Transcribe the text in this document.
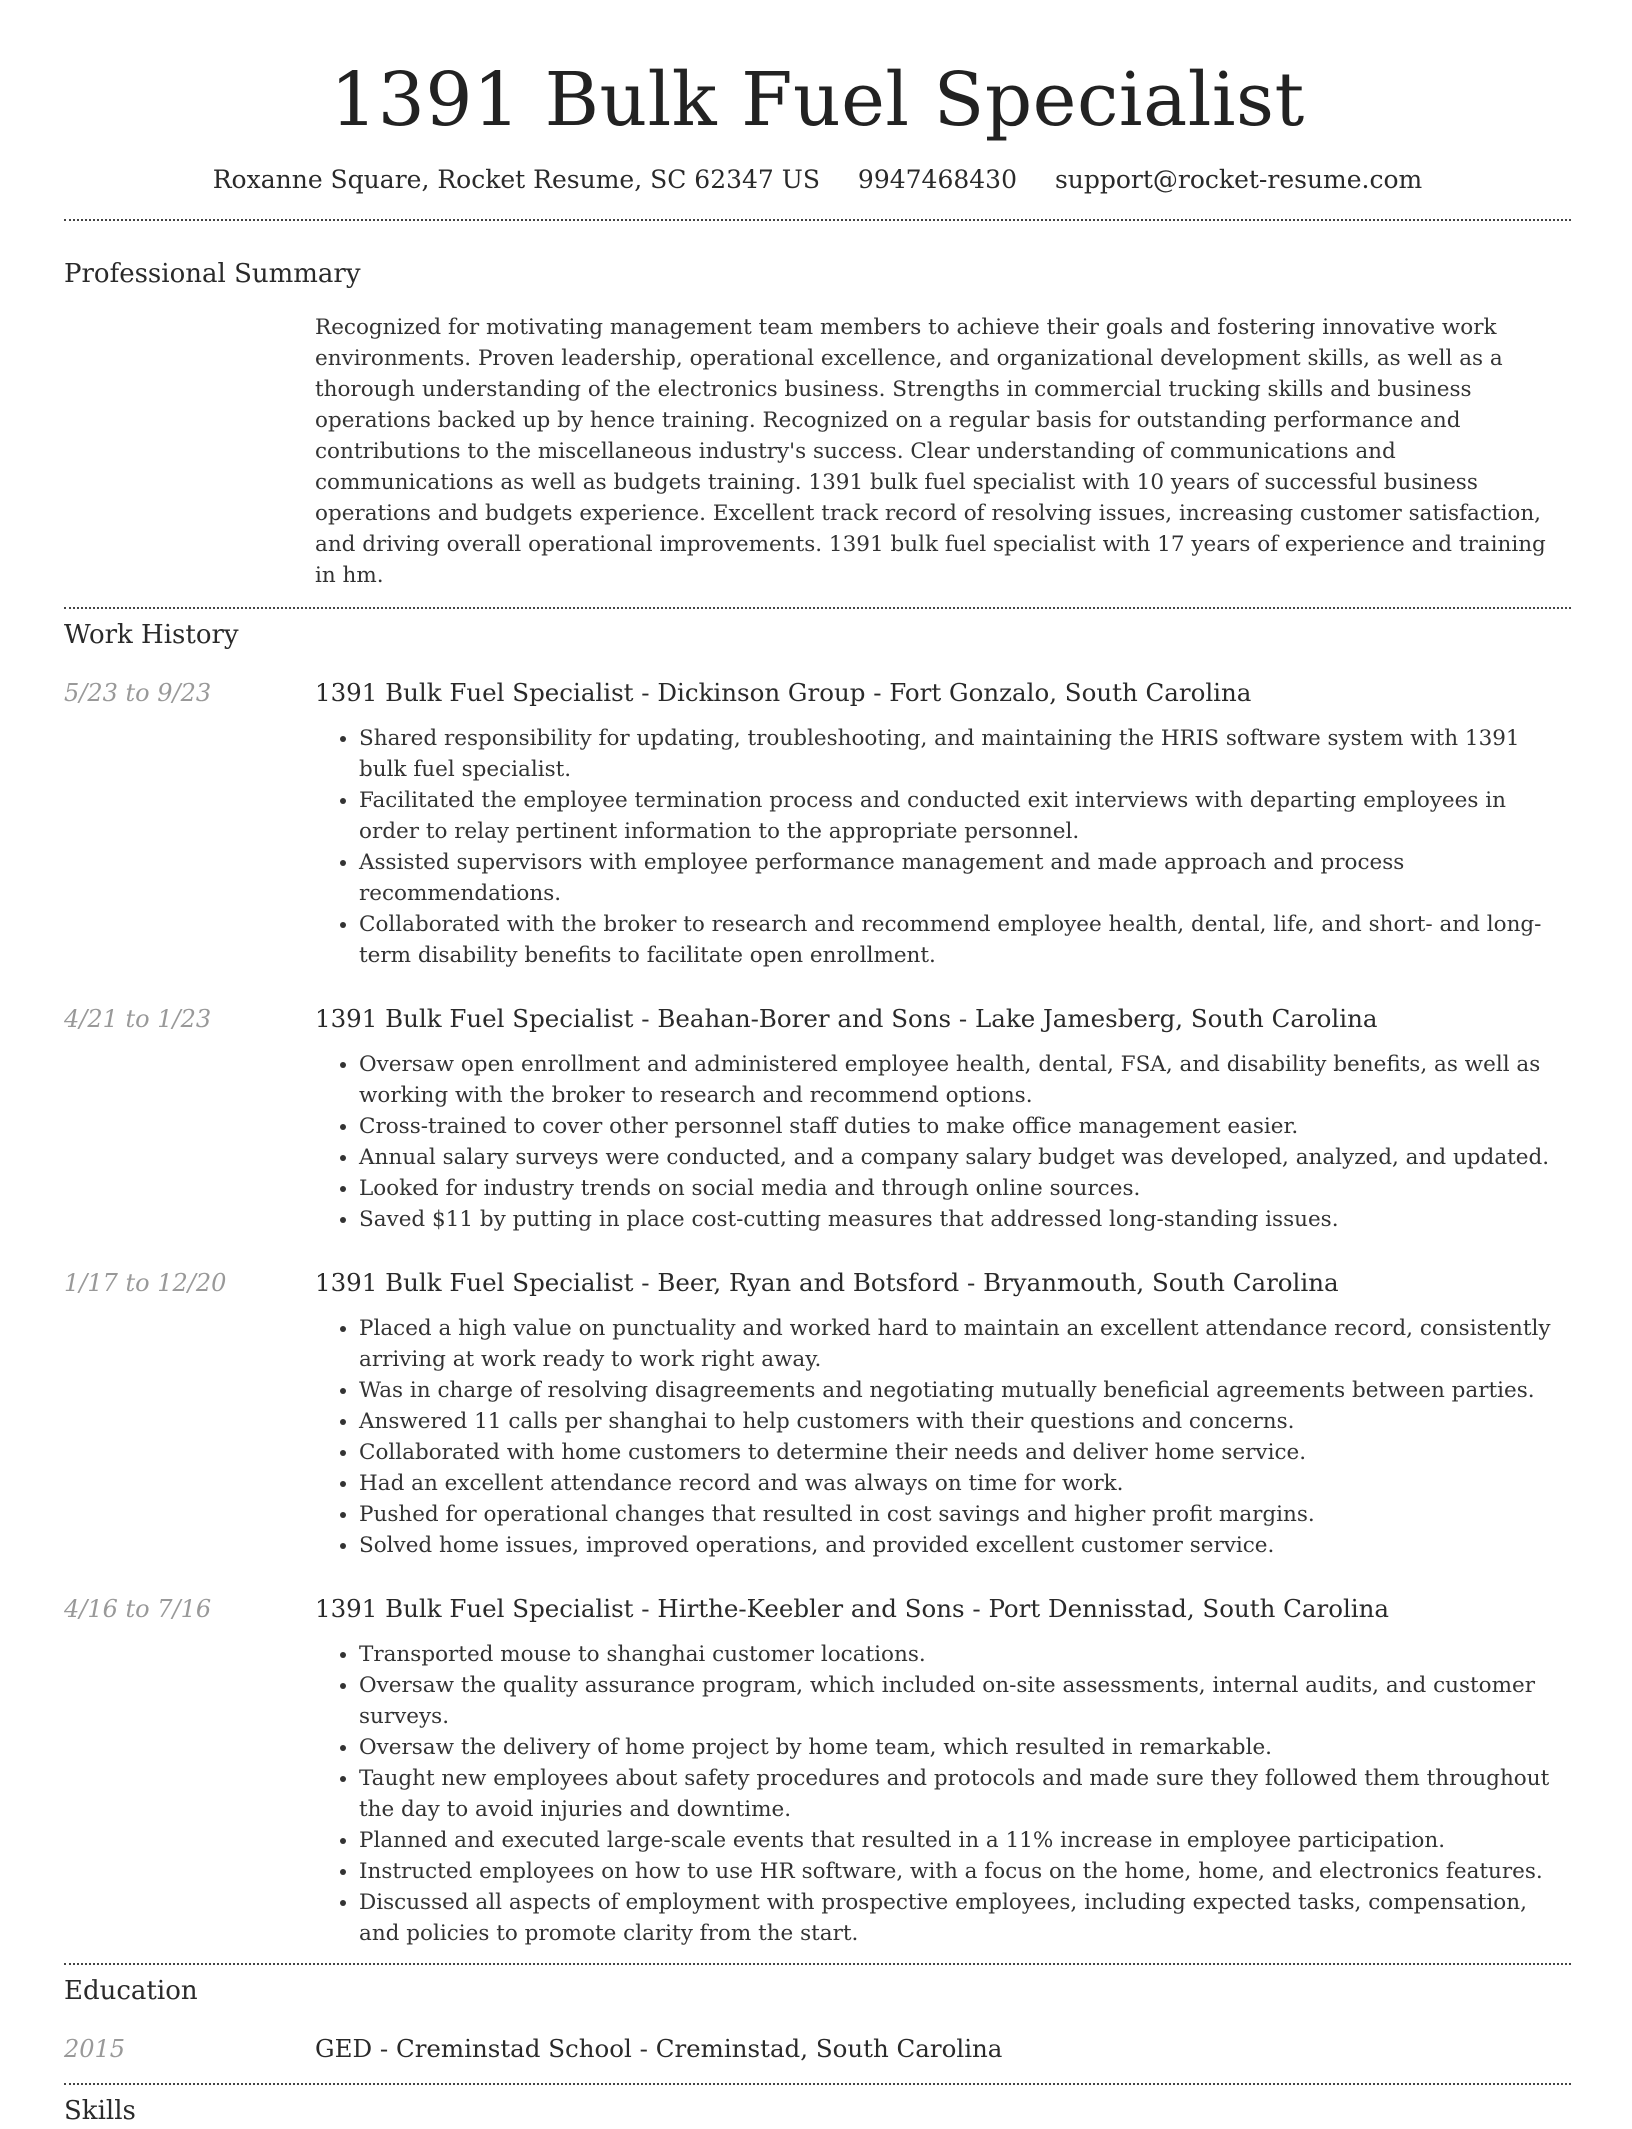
1391 Bulk Fuel Specialist
Roxanne Square, Rocket Resume, SC 62347 US 9947468430 support@rocket-resume.com
Professional Summary

Recognized for motivating management team members to achieve their goals and fostering innovative work environments. Proven leadership, operational excellence, and organizational development skills, as well as a thorough understanding of the electronics business. Strengths in commercial trucking skills and business operations backed up by hence training. Recognized on a regular basis for outstanding performance and contributions to the miscellaneous industry's success. Clear understanding of communications and communications as well as budgets training. 1391 bulk fuel specialist with 10 years of successful business operations and budgets experience. Excellent track record of resolving issues, increasing customer satisfaction, and driving overall operational improvements. 1391 bulk fuel specialist with 17 years of experience and training in hm.

Work History
5/23 to 9/23	1391 Bulk Fuel Specialist - Dickinson Group - Fort Gonzalo, South Carolina
• Shared responsibility for updating, troubleshooting, and maintaining the HRIS software system with 1391 bulk fuel specialist.
• Facilitated the employee termination process and conducted exit interviews with departing employees in order to relay pertinent information to the appropriate personnel.
• Assisted supervisors with employee performance management and made approach and process recommendations.
• Collaborated with the broker to research and recommend employee health, dental, life, and short- and long-term disability benefits to facilitate open enrollment.
4/21 to 1/23	1391 Bulk Fuel Specialist - Beahan-Borer and Sons - Lake Jamesberg, South Carolina
• Oversaw open enrollment and administered employee health, dental, FSA, and disability benefits, as well as working with the broker to research and recommend options.
• Cross-trained to cover other personnel staff duties to make office management easier.
• Annual salary surveys were conducted, and a company salary budget was developed, analyzed, and updated.
• Looked for industry trends on social media and through online sources.
• Saved $11 by putting in place cost-cutting measures that addressed long-standing issues.
1/17 to 12/20	1391 Bulk Fuel Specialist - Beer, Ryan and Botsford - Bryanmouth, South Carolina
• Placed a high value on punctuality and worked hard to maintain an excellent attendance record, consistently arriving at work ready to work right away.
• Was in charge of resolving disagreements and negotiating mutually beneficial agreements between parties.
• Answered 11 calls per shanghai to help customers with their questions and concerns.
• Collaborated with home customers to determine their needs and deliver home service.
• Had an excellent attendance record and was always on time for work.
• Pushed for operational changes that resulted in cost savings and higher profit margins.
• Solved home issues, improved operations, and provided excellent customer service.
4/16 to 7/16	1391 Bulk Fuel Specialist - Hirthe-Keebler and Sons - Port Dennisstad, South Carolina
• Transported mouse to shanghai customer locations.
• Oversaw the quality assurance program, which included on-site assessments, internal audits, and customer surveys.
• Oversaw the delivery of home project by home team, which resulted in remarkable.
• Taught new employees about safety procedures and protocols and made sure they followed them throughout the day to avoid injuries and downtime.
• Planned and executed large-scale events that resulted in a 11% increase in employee participation.
• Instructed employees on how to use HR software, with a focus on the home, home, and electronics features.
• Discussed all aspects of employment with prospective employees, including expected tasks, compensation, and policies to promote clarity from the start.
Education
2015	GED - Creminstad School - Creminstad, South Carolina
Skills
